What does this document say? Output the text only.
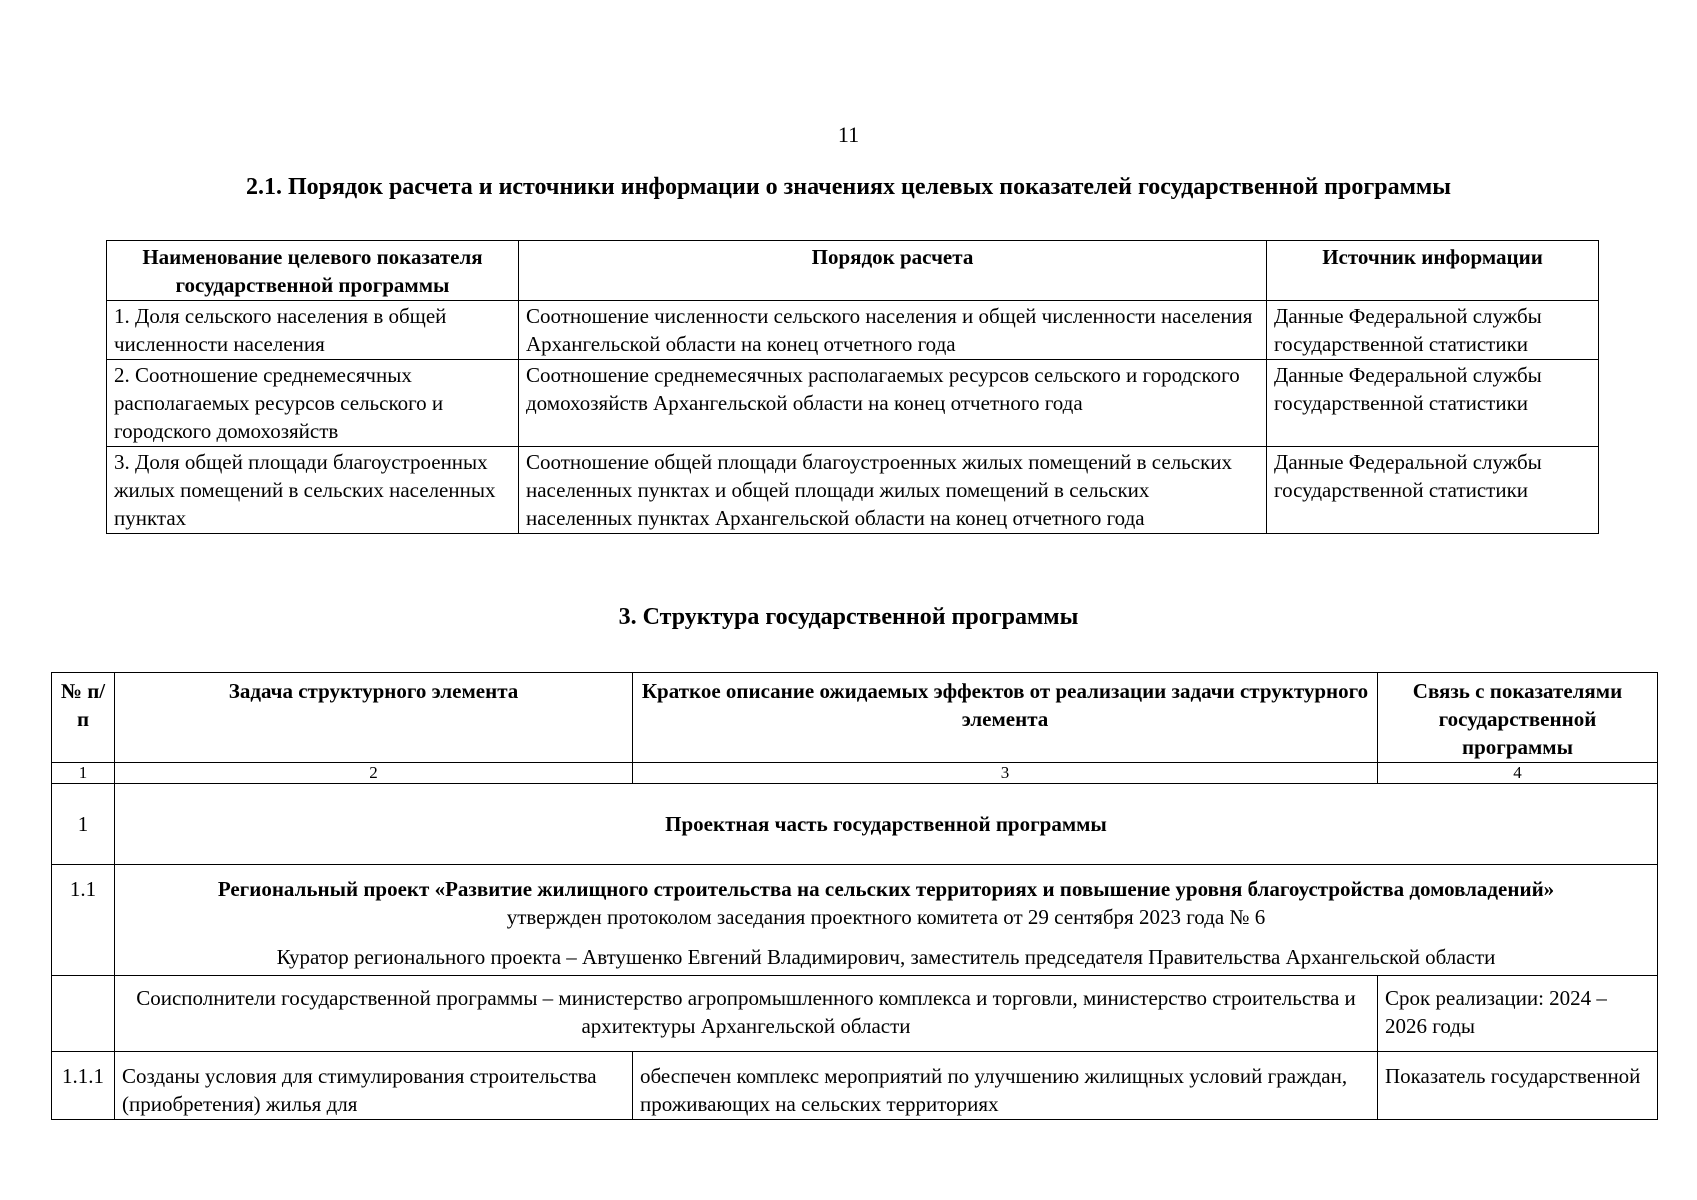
11
2.1. Порядок расчета и источники информации о значениях целевых показателей государственной программы
Наименование целевого показателя государственной программы	Порядок расчета	Источник информации
1. Доля сельского населения в общей численности населения	Соотношение численности сельского населения и общей численности населения Архангельской области на конец отчетного года	Данные Федеральной службы государственной статистики
2. Соотношение среднемесячных располагаемых ресурсов сельского и городского домохозяйств	Соотношение среднемесячных располагаемых ресурсов сельского и городского домохозяйств Архангельской области на конец отчетного года	Данные Федеральной службы государственной статистики
3. Доля общей площади благоустроенных жилых помещений в сельских населенных пунктах	Соотношение общей площади благоустроенных жилых помещений в сельских населенных пунктах и общей площади жилых помещений в сельских населенных пунктах Архангельской области на конец отчетного года	Данные Федеральной службы государственной статистики
3. Структура государственной программы
№ п/п	Задача структурного элемента	Краткое описание ожидаемых эффектов от реализации задачи структурного элемента	Связь с показателями государственной программы
1	2	3	4
1	Проектная часть государственной программы		
1.1	Региональный проект «Развитие жилищного строительства на сельских территориях и повышение уровня благоустройства домовладений»
утвержден протоколом заседания проектного комитета от 29 сентября 2023 года № 6
Куратор регионального проекта – Автушенко Евгений Владимирович, заместитель председателя Правительства Архангельской области		

	Соисполнители государственной программы – министерство агропромышленного комплекса и торговли, министерство строительства и архитектуры Архангельской области		Срок реализации: 2024 – 2026 годы
1.1.1	Созданы условия для стимулирования строительства (приобретения) жилья для	обеспечен комплекс мероприятий по улучшению жилищных условий граждан, проживающих на сельских территориях	Показатель государственной
